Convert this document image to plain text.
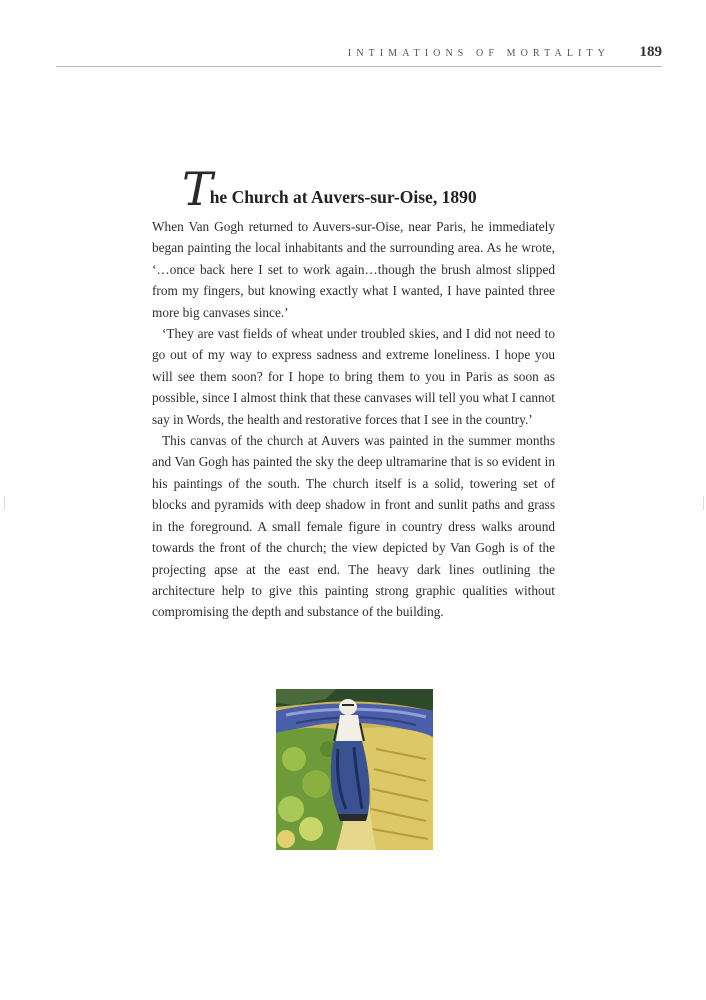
INTIMATIONS OF MORTALITY 189
The Church at Auvers-sur-Oise, 1890

When Van Gogh returned to Auvers-sur-Oise, near Paris, he immediately began painting the local inhabitants and the surrounding area. As he wrote, ‘…once back here I set to work again…though the brush almost slipped from my fingers, but knowing exactly what I wanted, I have painted three more big canvases since.’

‘They are vast fields of wheat under troubled skies, and I did not need to go out of my way to express sadness and extreme loneliness. I hope you will see them soon? for I hope to bring them to you in Paris as soon as possible, since I almost think that these canvases will tell you what I cannot say in Words, the health and restorative forces that I see in the country.’

This canvas of the church at Auvers was painted in the summer months and Van Gogh has painted the sky the deep ultramarine that is so evident in his paintings of the south. The church itself is a solid, towering set of blocks and pyramids with deep shadow in front and sunlit paths and grass in the foreground. A small female figure in country dress walks around towards the front of the church; the view depicted by Van Gogh is of the projecting apse at the east end. The heavy dark lines outlining the architecture help to give this painting strong graphic qualities without compromising the depth and substance of the building.
